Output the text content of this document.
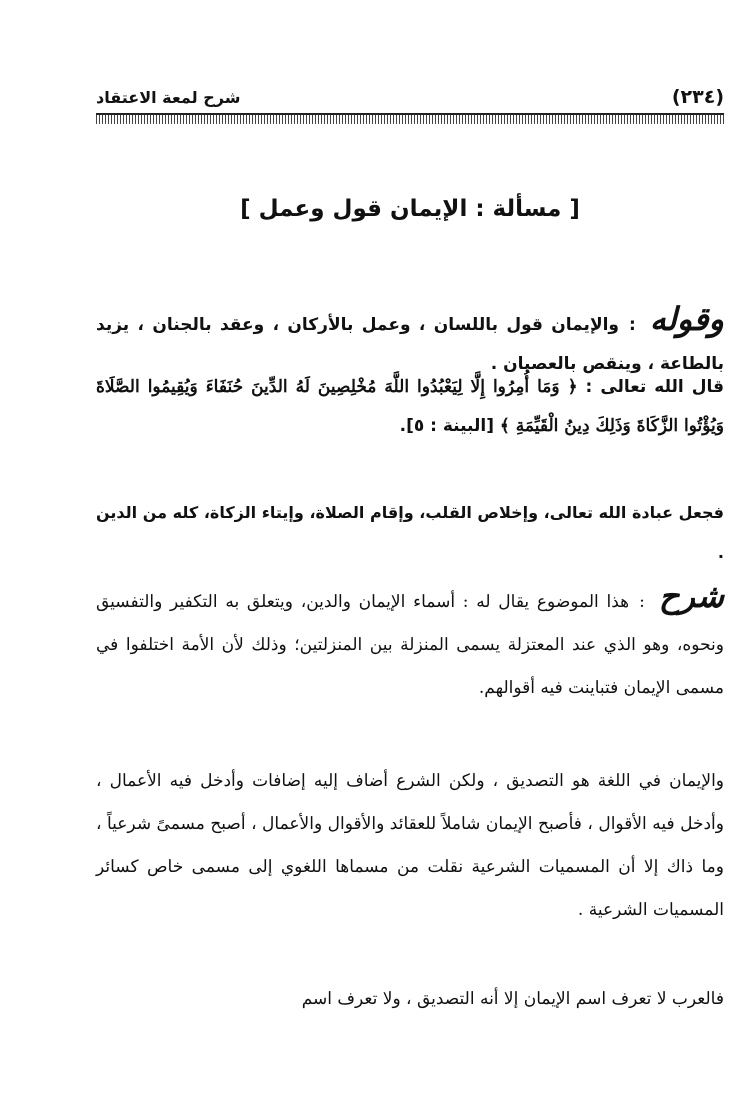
(٢٣٤)
شرح لمعة الاعتقاد
[ مسألة : الإيمان قول وعمل ]
وقوله:والإيمان قول باللسان ، وعمل بالأركان ، وعقد بالجنان ، يزيد بالطاعة ، وينقص بالعصيان .
قال الله تعالى : ﴿ وَمَا أُمِرُوا إِلَّا لِيَعْبُدُوا اللَّهَ مُخْلِصِينَ لَهُ الدِّينَ حُنَفَاءَ وَيُقِيمُوا الصَّلَاةَ وَيُؤْتُوا الزَّكَاةَ وَذَلِكَ دِينُ الْقَيِّمَةِ ﴾ [البينة : ٥].
فجعل عبادة الله تعالى، وإخلاص القلب، وإقام الصلاة، وإيتاء الزكاة، كله من الدين .
شرح:هذا الموضوع يقال له : أسماء الإيمان والدين، ويتعلق به التكفير والتفسيق ونحوه، وهو الذي عند المعتزلة يسمى المنزلة بين المنزلتين؛ وذلك لأن الأمة اختلفوا في مسمى الإيمان فتباينت فيه أقوالهم.
والإيمان في اللغة هو التصديق ، ولكن الشرع أضاف إليه إضافات وأدخل فيه الأعمال ، وأدخل فيه الأقوال ، فأصبح الإيمان شاملاً للعقائد والأقوال والأعمال ، أصبح مسمىً شرعياً ، وما ذاك إلا أن المسميات الشرعية نقلت من مسماها اللغوي إلى مسمى خاص كسائر المسميات الشرعية .
فالعرب لا تعرف اسم الإيمان إلا أنه التصديق ، ولا تعرف اسم
